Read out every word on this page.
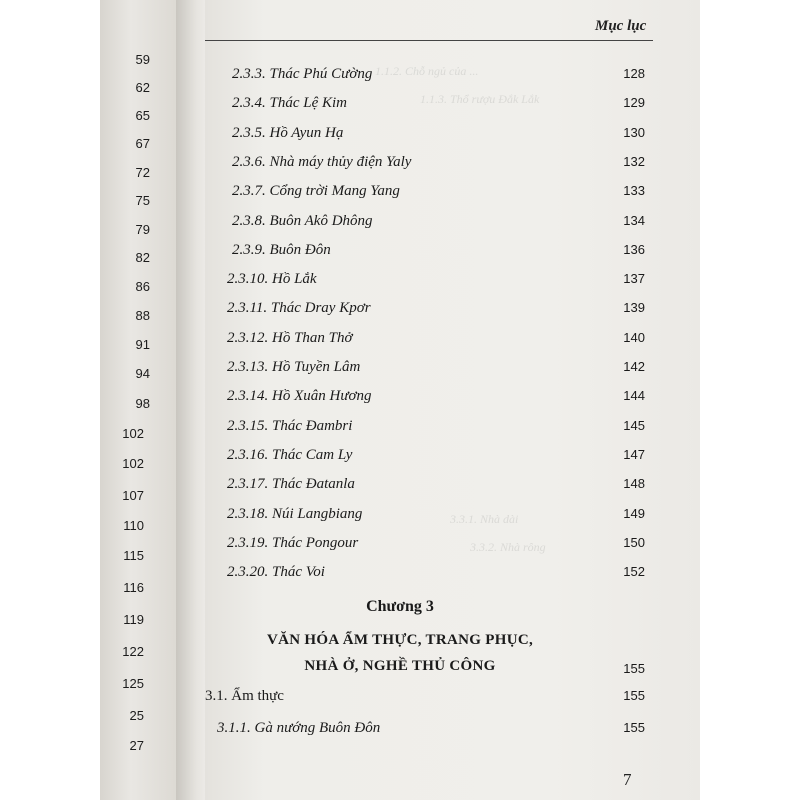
59
62
65
67
72
75
79
82
86
88
91
94
98
102
102
107
110
115
116
119
122
125
25
27
1.1.2. Chỗ ngủ của ...
1.1.3. Thổ rượu Đắk Lắk
3.3.1. Nhà dài
3.3.2. Nhà rông
Mục lục
Chương 3
VĂN HÓA ẨM THỰC, TRANG PHỤC,
NHÀ Ở, NGHỀ THỦ CÔNG	155
3.1. Ẩm thực	155
3.1.1. Gà nướng Buôn Đôn	155
7
2.3.3. Thác Phú Cường	128
2.3.4. Thác Lệ Kim	129
2.3.5. Hồ Ayun Hạ	130
2.3.6. Nhà máy thủy điện Yaly	132
2.3.7. Cổng trời Mang Yang	133
2.3.8. Buôn Akô Dhông	134
2.3.9. Buôn Đôn	136
2.3.10. Hồ Lắk	137
2.3.11. Thác Dray Kpơr	139
2.3.12. Hồ Than Thở	140
2.3.13. Hồ Tuyền Lâm	142
2.3.14. Hồ Xuân Hương	144
2.3.15. Thác Đambri	145
2.3.16. Thác Cam Ly	147
2.3.17. Thác Đatanla	148
2.3.18. Núi Langbiang	149
2.3.19. Thác Pongour	150
2.3.20. Thác Voi	152
